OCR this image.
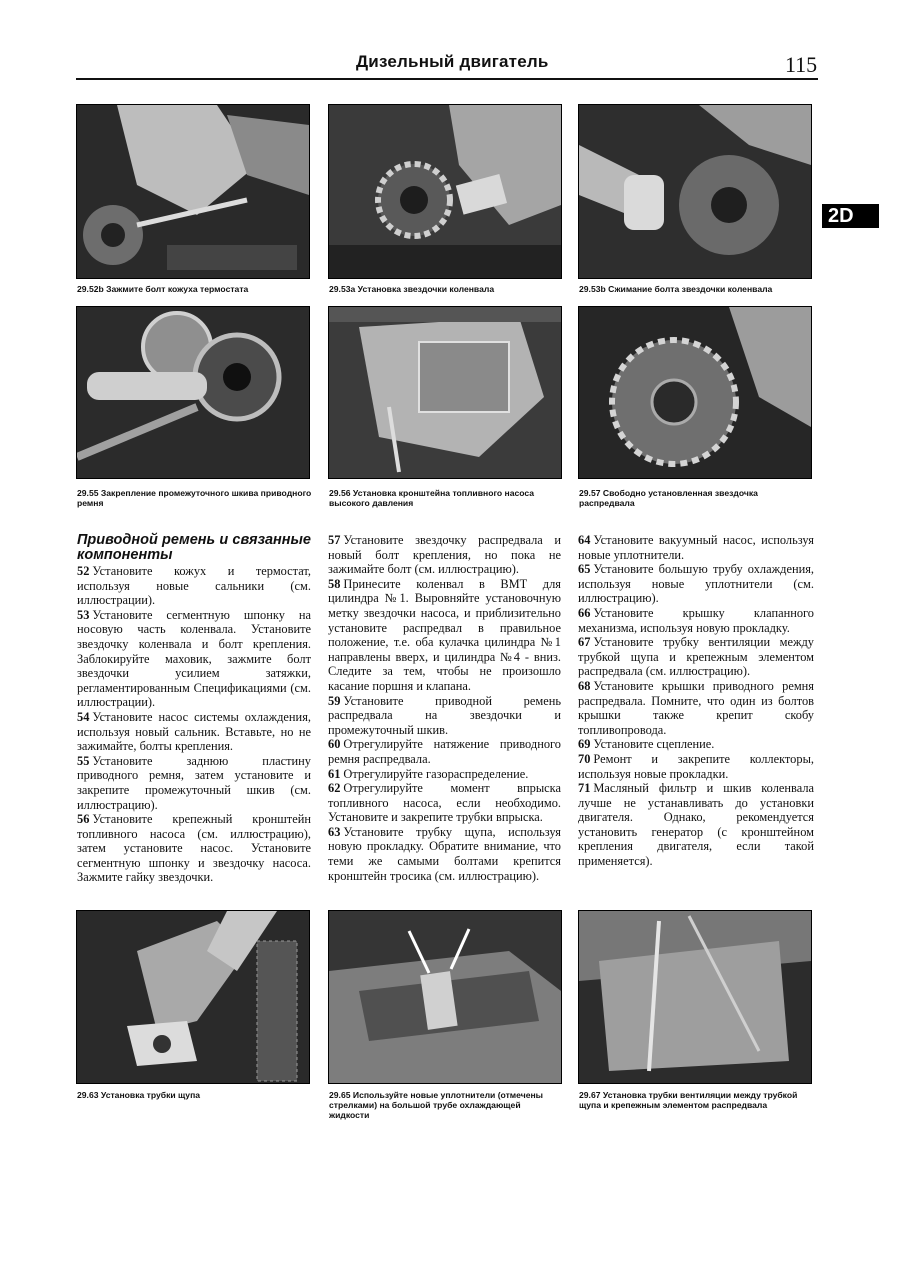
Дизельный двигатель	115
2D
29.52b Зажмите болт кожуха термостата	29.53a Установка звездочки коленвала	29.53b Сжимание болта звездочки коленвала
29.55 Закрепление промежуточного шкива приводного ремня
29.56 Установка кронштейна топливного насоса высокого давления
29.57 Свободно установленная звездочка распредвала
Приводной ремень и связанные компоненты

52 Установите кожух и термостат, используя новые сальники (см. иллюстрации).

53 Установите сегментную шпонку на носовую часть коленвала. Установите звездочку коленвала и болт крепления. Заблокируйте маховик, зажмите болт звездочки усилием затяжки, регламентированным Спецификациями (см. иллюстрации).

54 Установите насос системы охлаждения, используя новый сальник. Вставьте, но не зажимайте, болты крепления.

55 Установите заднюю пластину приводного ремня, затем установите и закрепите промежуточный шкив (см. иллюстрацию).

56 Установите крепежный кронштейн топливного насоса (см. иллюстрацию), затем установите насос. Установите сегментную шпонку и звездочку насоса. Зажмите гайку звездочки.

57 Установите звездочку распредвала и новый болт крепления, но пока не зажимайте болт (см. иллюстрацию).

58 Принесите коленвал в ВМТ для цилиндра №1. Выровняйте установочную метку звездочки насоса, и приблизительно установите распредвал в правильное положение, т.е. оба кулачка цилиндра №1 направлены вверх, и цилиндра №4 - вниз. Следите за тем, чтобы не произошло касание поршня и клапана.

59 Установите приводной ремень распредвала на звездочки и промежуточный шкив.

60 Отрегулируйте натяжение приводного ремня распредвала.

61 Отрегулируйте газораспределение.

62 Отрегулируйте момент впрыска топливного насоса, если необходимо. Установите и закрепите трубки впрыска.

63 Установите трубку щупа, используя новую прокладку. Обратите внимание, что теми же самыми болтами крепится кронштейн тросика (см. иллюстрацию).

64 Установите вакуумный насос, используя новые уплотнители.

65 Установите большую трубу охлаждения, используя новые уплотнители (см. иллюстрацию).

66 Установите крышку клапанного механизма, используя новую прокладку.

67 Установите трубку вентиляции между трубкой щупа и крепежным элементом распредвала (см. иллюстрацию).

68 Установите крышки приводного ремня распредвала. Помните, что один из болтов крышки также крепит скобу топливопровода.

69 Установите сцепление.

70 Ремонт и закрепите коллекторы, используя новые прокладки.

71 Масляный фильтр и шкив коленвала лучше не устанавливать до установки двигателя. Однако, рекомендуется установить генератор (с кронштейном крепления двигателя, если такой применяется).

29.63 Установка трубки щупа	29.65 Используйте новые уплотнители (отмечены стрелками) на большой трубе охлаждающей жидкости
29.67 Установка трубки вентиляции между трубкой щупа и крепежным элементом распредвала
